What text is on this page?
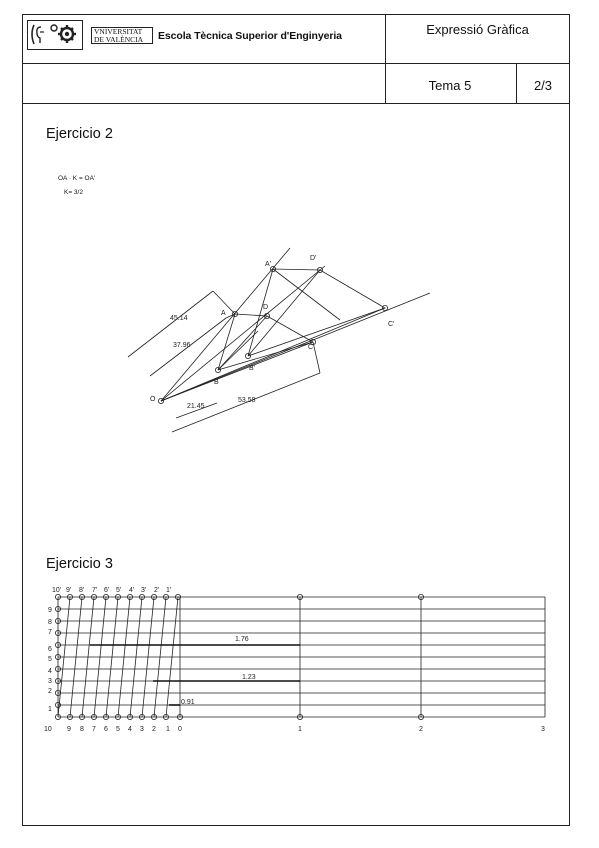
VNIVERSITAT
DE VALÈNCIA	Escola Tècnica Superior d'Enginyeria	Expressió Gràfica
Tema 5	2/3
Ejercicio 2
OA · K = OA'
K= 3/2
O
A
B
D
C
A'
B'
D'
C'
45.14
37.96
21.45
53.58
Ejercicio 3
10' 9' 8' 7' 6' 5' 4' 3' 2' 1'
9
8
7
6
5
4
3
2
1
10 9 8 7 6 5 4 3 2 1 0	1	2	3
1.76
1.23
0.91
